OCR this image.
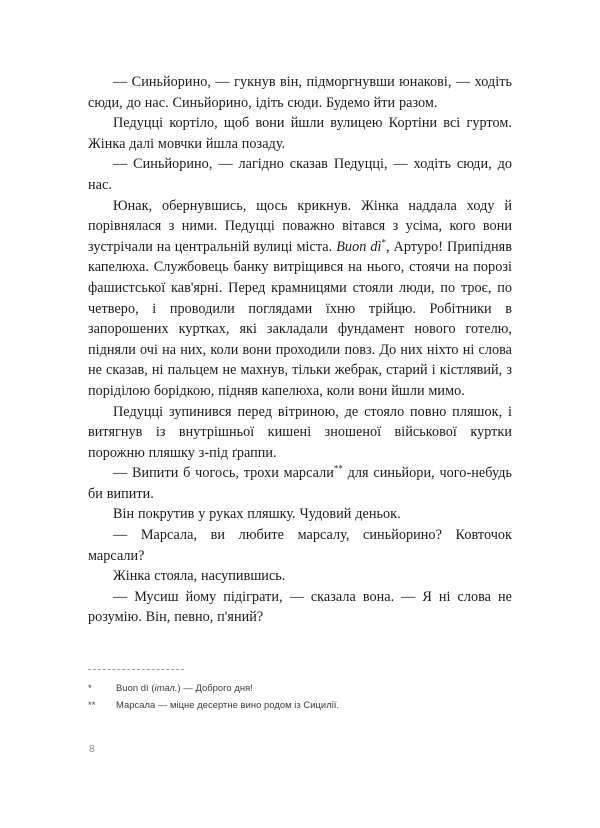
— Синьйорино, — гукнув він, підморгнувши юнакові, — ходіть сюди, до нас. Синьйорино, ідіть сюди. Будемо йти разом.

Педуцці кортіло, щоб вони йшли вулицею Кортіни всі гуртом. Жінка далі мовчки йшла позаду.

— Синьйорино, — лагідно сказав Педуцці, — ходіть сюди, до нас.

Юнак, обернувшись, щось крикнув. Жінка наддала ходу й порівнялася з ними. Педуцці поважно вітався з усіма, кого вони зустрічали на центральній вулиці міста. Buon dì*, Артуро! Припідняв капелюха. Службовець банку витріщився на нього, стоячи на порозі фашистської кав'ярні. Перед крамницями стояли люди, по троє, по четверо, і проводили поглядами їхню трійцю. Робітники в запорошених куртках, які закладали фундамент нового готелю, підняли очі на них, коли вони проходили повз. До них ніхто ні слова не сказав, ні пальцем не махнув, тільки жебрак, старий і кістлявий, з поріділою борідкою, підняв капелюха, коли вони йшли мимо.

Педуцці зупинився перед вітриною, де стояло повно пляшок, і витягнув із внутрішньої кишені зношеної військової куртки порожню пляшку з-під ґраппи.

— Випити б чогось, трохи марсали** для синьйори, чого-небудь би випити.

Він покрутив у руках пляшку. Чудовий деньок.

— Марсала, ви любите марсалу, синьйорино? Ковточок марсали?

Жінка стояла, насупившись.

— Мусиш йому підіграти, — сказала вона. — Я ні слова не розумію. Він, певно, п'яний?

*	Buon dì (італ.) — Доброго дня!
**	Марсала — міцне десертне вино родом із Сицилії.
8
